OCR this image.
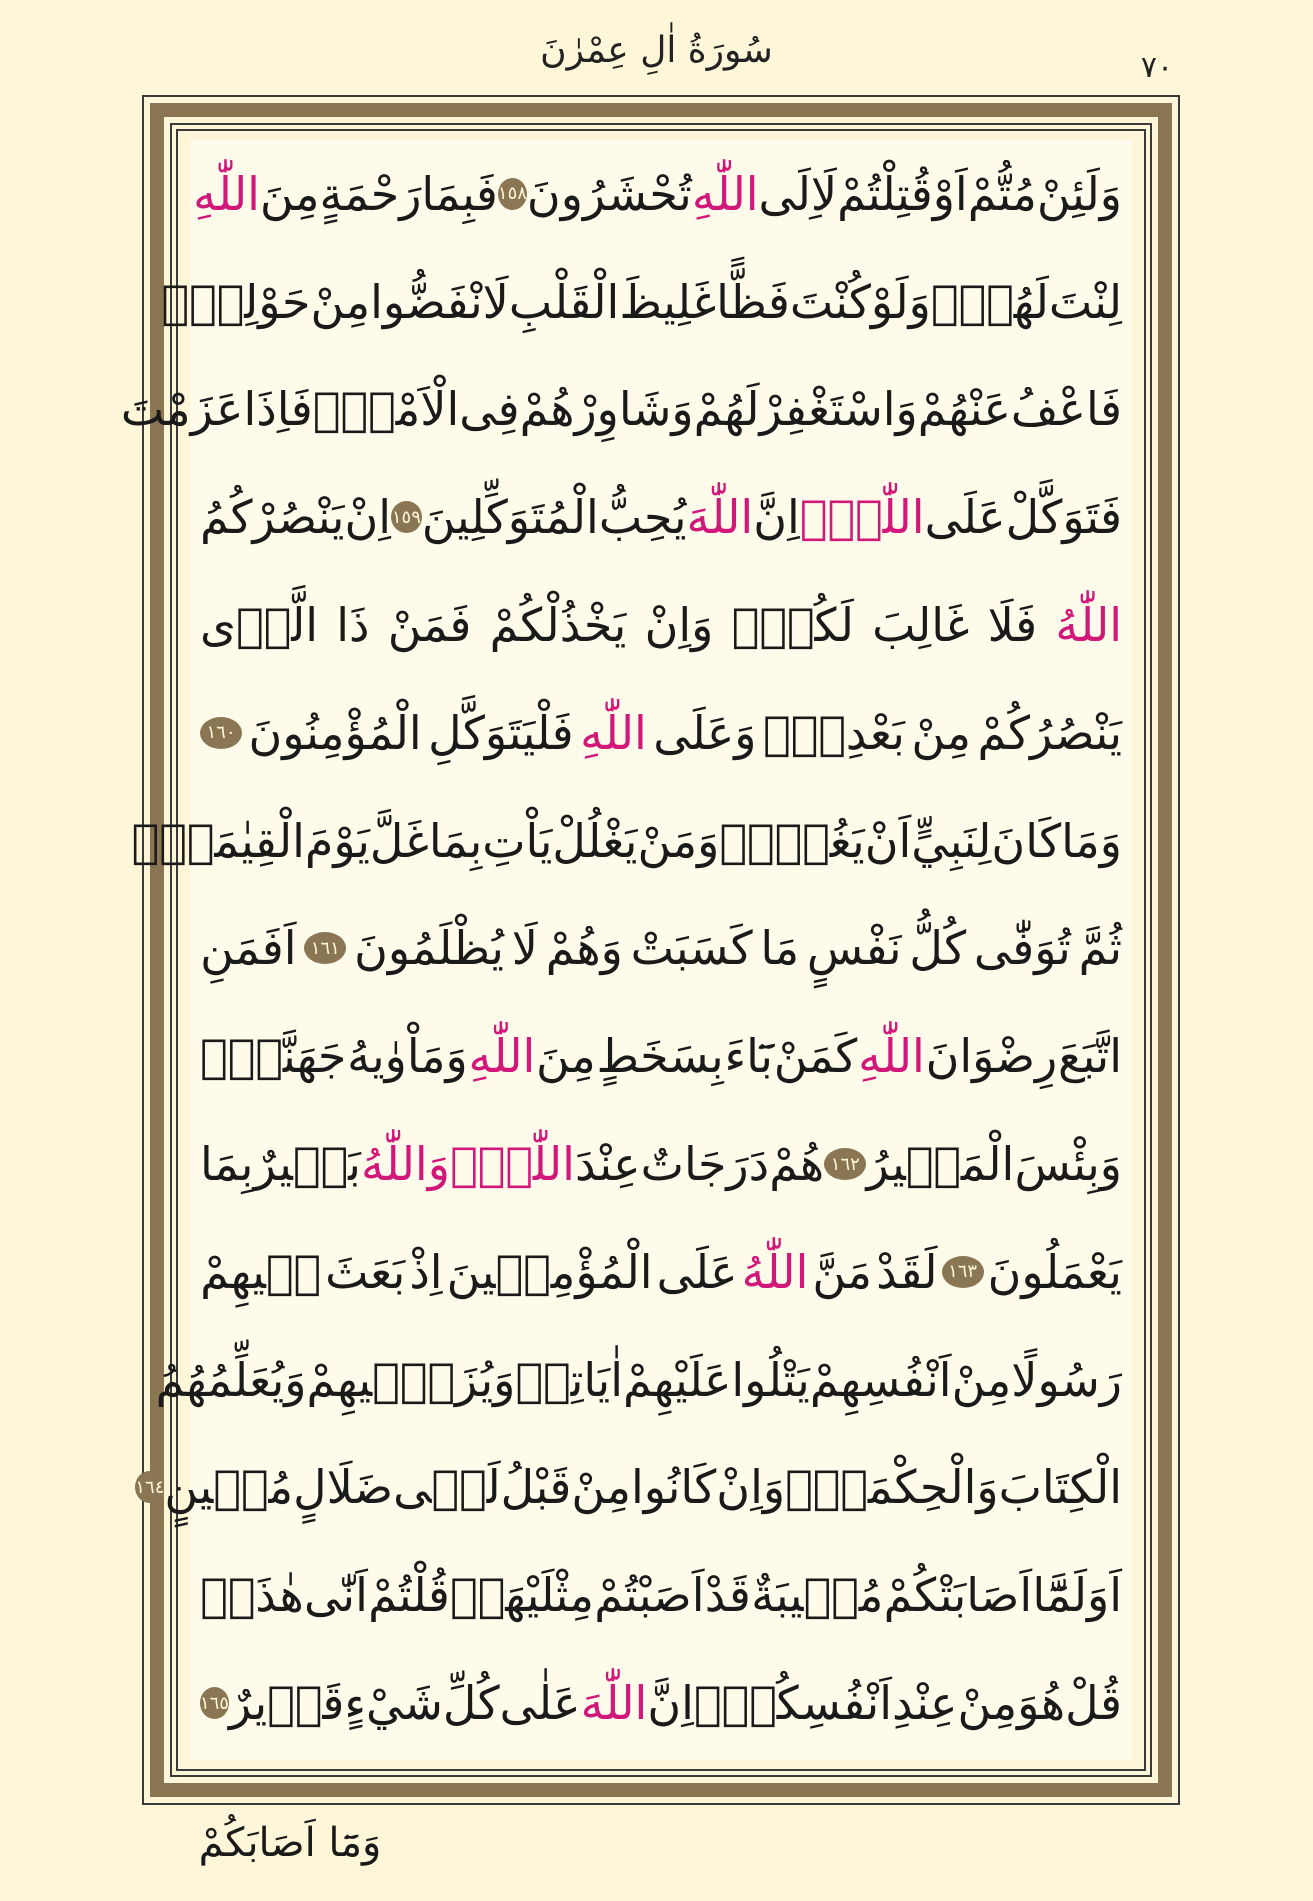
سُورَةُ اٰلِ عِمْرٰنَ	٧٠
وَلَئِنْ
مُتُّمْ
اَوْ
قُتِلْتُمْ
لَاِلَى
اللّٰهِ
تُحْشَرُونَ
١٥٨
فَبِمَا
رَحْمَةٍ
مِنَ
اللّٰهِ
لِنْتَ
لَهُمْۚ
وَلَوْ
كُنْتَ
فَظًّا
غَلِيظَ
الْقَلْبِ
لَانْفَضُّوا
مِنْ
حَوْلِكَۖ
فَاعْفُ
عَنْهُمْ
وَاسْتَغْفِرْ
لَهُمْ
وَشَاوِرْهُمْ
فِى
الْاَمْرِۚ
فَاِذَا
عَزَمْتَ
فَتَوَكَّلْ
عَلَى
اللّٰهِۜ
اِنَّ
اللّٰهَ
يُحِبُّ
الْمُتَوَكِّلِينَ
١٥٩
اِنْ
يَنْصُرْكُمُ
اللّٰهُ
فَلَا
غَالِبَ
لَكُمْۚ
وَاِنْ
يَخْذُلْكُمْ
فَمَنْ
ذَا
الَّذٖى
يَنْصُرُكُمْ
مِنْ
بَعْدِهٖۜ
وَعَلَى
اللّٰهِ
فَلْيَتَوَكَّلِ
الْمُؤْمِنُونَ
١٦٠
وَمَا
كَانَ
لِنَبِيٍّ
اَنْ
يَغُلَّۜ
وَمَنْ
يَغْلُلْ
يَاْتِ
بِمَا
غَلَّ
يَوْمَ
الْقِيٰمَةِۚ
ثُمَّ
تُوَفّٰى
كُلُّ
نَفْسٍ
مَا
كَسَبَتْ
وَهُمْ
لَا
يُظْلَمُونَ
١٦١
اَفَمَنِ
اتَّبَعَ
رِضْوَانَ
اللّٰهِ
كَمَنْ
بَٓاءَ
بِسَخَطٍ
مِنَ
اللّٰهِ
وَمَاْوٰيهُ
جَهَنَّمُۜ
وَبِئْسَ
الْمَصٖيرُ
١٦٢
هُمْ
دَرَجَاتٌ
عِنْدَ
اللّٰهِۜ
وَاللّٰهُ
بَصٖيرٌ
بِمَا
يَعْمَلُونَ
١٦٣
لَقَدْ
مَنَّ
اللّٰهُ
عَلَى
الْمُؤْمِنٖينَ
اِذْ
بَعَثَ
فٖيهِمْ
رَسُولًا
مِنْ
اَنْفُسِهِمْ
يَتْلُوا
عَلَيْهِمْ
اٰيَاتِهٖ
وَيُزَكّٖيهِمْ
وَيُعَلِّمُهُمُ
الْكِتَابَ
وَالْحِكْمَةَۚ
وَاِنْ
كَانُوا
مِنْ
قَبْلُ
لَفٖى
ضَلَالٍ
مُبٖينٍ
١٦٤
اَوَلَمَّٓا
اَصَابَتْكُمْ
مُصٖيبَةٌ
قَدْ
اَصَبْتُمْ
مِثْلَيْهَاۙ
قُلْتُمْ
اَنّٰى
هٰذَاۜ
قُلْ
هُوَ
مِنْ
عِنْدِ
اَنْفُسِكُمْۜ
اِنَّ
اللّٰهَ
عَلٰى
كُلِّ
شَيْءٍ
قَدٖيرٌ
١٦٥
وَمَٓا اَصَابَكُمْ
